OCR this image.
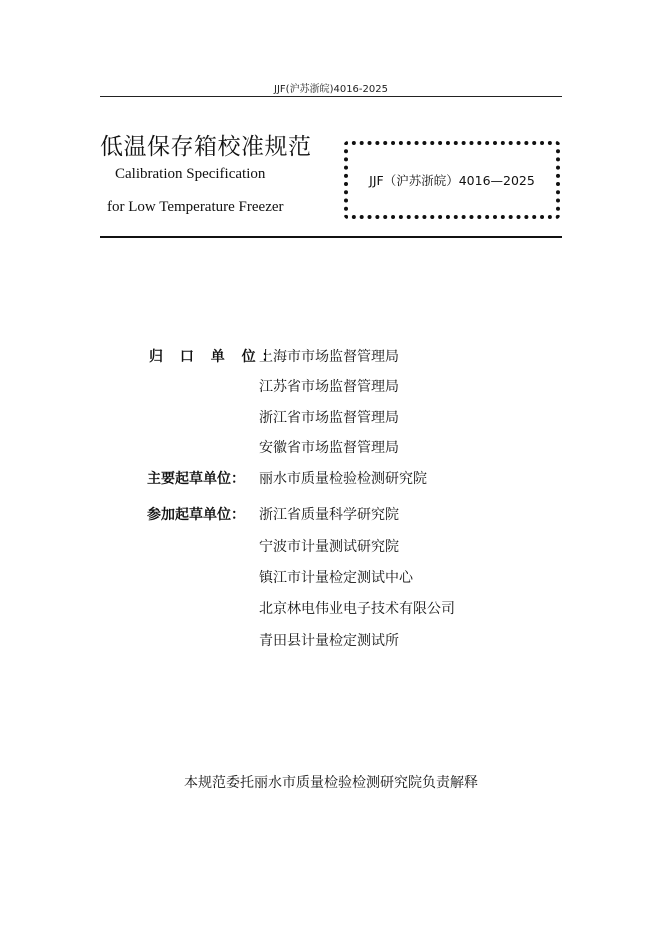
JJF(沪苏浙皖)4016-2025
低温保存箱校准规范
Calibration Specification
for Low Temperature Freezer
JJF（沪苏浙皖）4016—2025
归 口 单 位：
上海市市场监督管理局
江苏省市场监督管理局
浙江省市场监督管理局
安徽省市场监督管理局
主要起草单位： 丽水市质量检验检测研究院
参加起草单位： 浙江省质量科学研究院
宁波市计量测试研究院
镇江市计量检定测试中心
北京林电伟业电子技术有限公司
青田县计量检定测试所
本规范委托丽水市质量检验检测研究院负责解释
